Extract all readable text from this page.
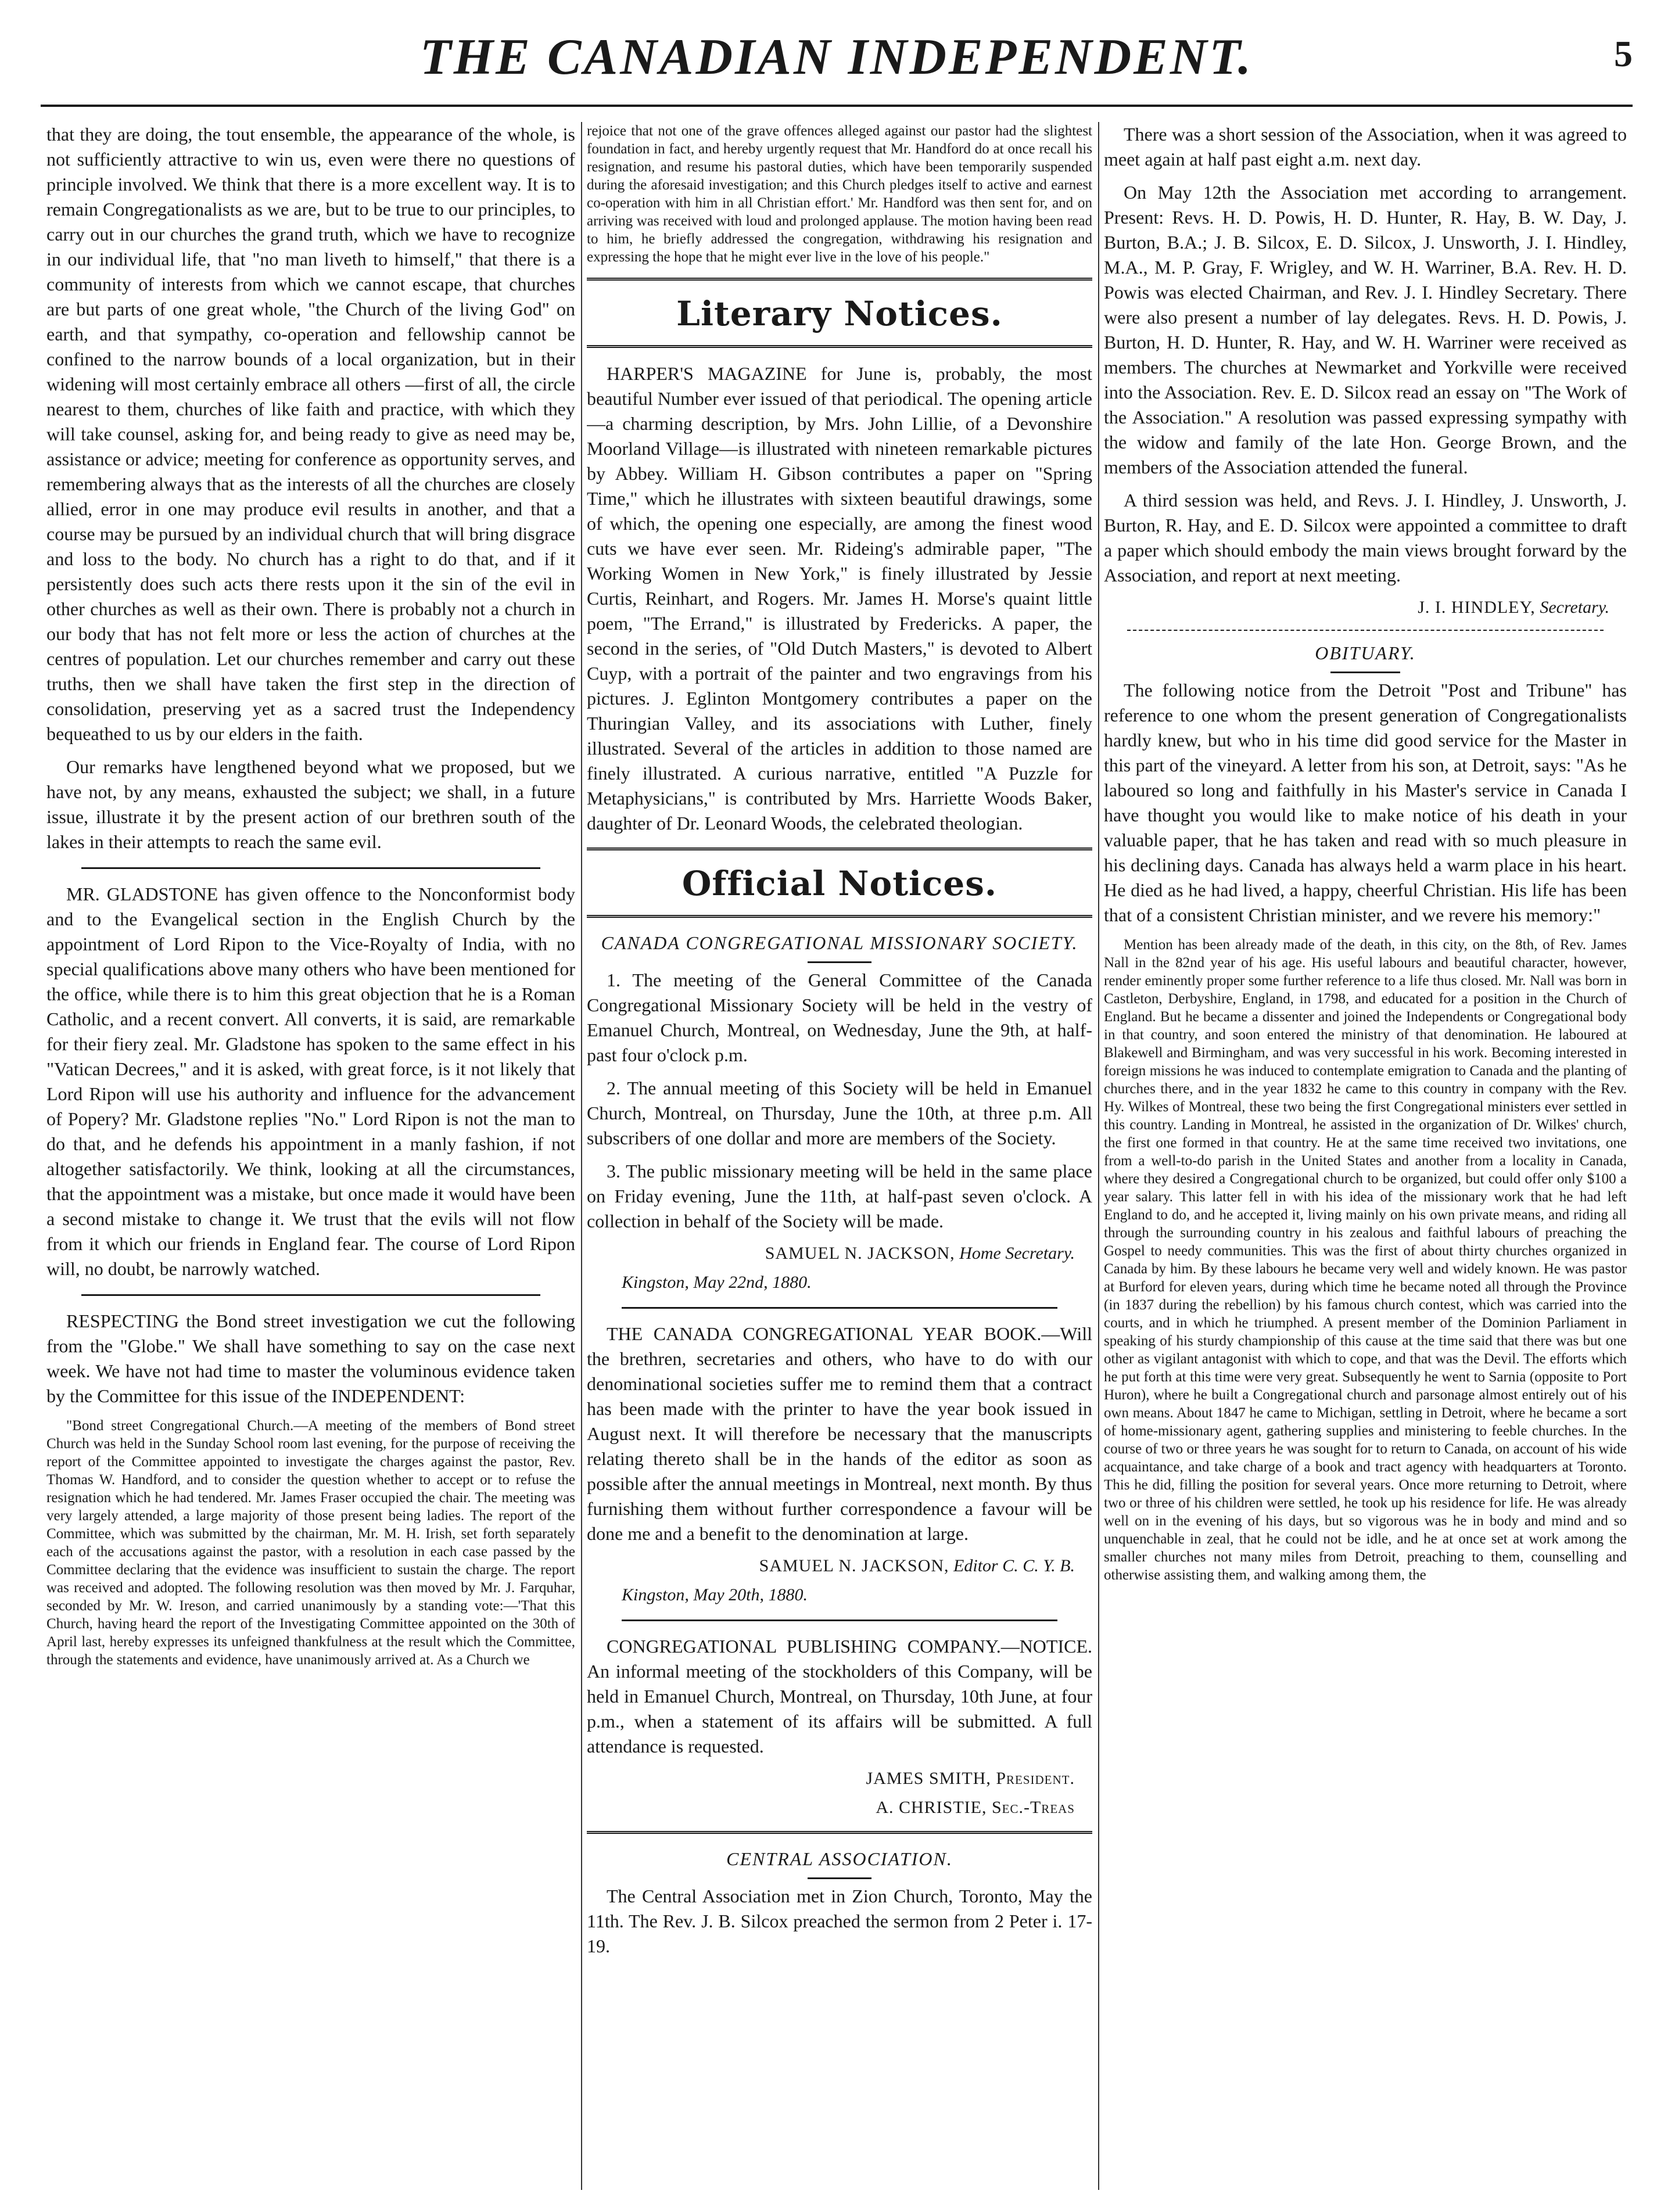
THE CANADIAN INDEPENDENT.	5

that they are doing, the tout ensemble, the appearance of the whole, is not sufficiently attractive to win us, even were there no questions of principle involved. We think that there is a more excellent way. It is to remain Congregationalists as we are, but to be true to our principles, to carry out in our churches the grand truth, which we have to recognize in our individual life, that "no man liveth to himself," that there is a community of interests from which we cannot escape, that churches are but parts of one great whole, "the Church of the living God" on earth, and that sympathy, co-operation and fellowship cannot be confined to the narrow bounds of a local organization, but in their widening will most certainly embrace all others —first of all, the circle nearest to them, churches of like faith and practice, with which they will take counsel, asking for, and being ready to give as need may be, assistance or advice; meeting for conference as opportunity serves, and remembering always that as the interests of all the churches are closely allied, error in one may produce evil results in another, and that a course may be pursued by an individual church that will bring disgrace and loss to the body. No church has a right to do that, and if it persistently does such acts there rests upon it the sin of the evil in other churches as well as their own. There is probably not a church in our body that has not felt more or less the action of churches at the centres of population. Let our churches remember and carry out these truths, then we shall have taken the first step in the direction of consolidation, preserving yet as a sacred trust the Independency bequeathed to us by our elders in the faith.

Our remarks have lengthened beyond what we proposed, but we have not, by any means, exhausted the subject; we shall, in a future issue, illustrate it by the present action of our brethren south of the lakes in their attempts to reach the same evil.

MR. GLADSTONE has given offence to the Nonconformist body and to the Evangelical section in the English Church by the appointment of Lord Ripon to the Vice-Royalty of India, with no special qualifications above many others who have been mentioned for the office, while there is to him this great objection that he is a Roman Catholic, and a recent convert. All converts, it is said, are remarkable for their fiery zeal. Mr. Gladstone has spoken to the same effect in his "Vatican Decrees," and it is asked, with great force, is it not likely that Lord Ripon will use his authority and influence for the advancement of Popery? Mr. Gladstone replies "No." Lord Ripon is not the man to do that, and he defends his appointment in a manly fashion, if not altogether satisfactorily. We think, looking at all the circumstances, that the appointment was a mistake, but once made it would have been a second mistake to change it. We trust that the evils will not flow from it which our friends in England fear. The course of Lord Ripon will, no doubt, be narrowly watched.

RESPECTING the Bond street investigation we cut the following from the "Globe." We shall have something to say on the case next week. We have not had time to master the voluminous evidence taken by the Committee for this issue of the INDEPENDENT:

"Bond street Congregational Church.—A meeting of the members of Bond street Church was held in the Sunday School room last evening, for the purpose of receiving the report of the Committee appointed to investigate the charges against the pastor, Rev. Thomas W. Handford, and to consider the question whether to accept or to refuse the resignation which he had tendered. Mr. James Fraser occupied the chair. The meeting was very largely attended, a large majority of those present being ladies. The report of the Committee, which was submitted by the chairman, Mr. M. H. Irish, set forth separately each of the accusations against the pastor, with a resolution in each case passed by the Committee declaring that the evidence was insufficient to sustain the charge. The report was received and adopted. The following resolution was then moved by Mr. J. Farquhar, seconded by Mr. W. Ireson, and carried unanimously by a standing vote:—'That this Church, having heard the report of the Investigating Committee appointed on the 30th of April last, hereby expresses its unfeigned thankfulness at the result which the Committee, through the statements and evidence, have unanimously arrived at. As a Church we

rejoice that not one of the grave offences alleged against our pastor had the slightest foundation in fact, and hereby urgently request that Mr. Handford do at once recall his resignation, and resume his pastoral duties, which have been temporarily suspended during the aforesaid investigation; and this Church pledges itself to active and earnest co-operation with him in all Christian effort.' Mr. Handford was then sent for, and on arriving was received with loud and prolonged applause. The motion having been read to him, he briefly addressed the congregation, withdrawing his resignation and expressing the hope that he might ever live in the love of his people."

Literary Notices.

HARPER'S MAGAZINE for June is, probably, the most beautiful Number ever issued of that periodical. The opening article—a charming description, by Mrs. John Lillie, of a Devonshire Moorland Village—is illustrated with nineteen remarkable pictures by Abbey. William H. Gibson contributes a paper on "Spring Time," which he illustrates with sixteen beautiful drawings, some of which, the opening one especially, are among the finest wood cuts we have ever seen. Mr. Rideing's admirable paper, "The Working Women in New York," is finely illustrated by Jessie Curtis, Reinhart, and Rogers. Mr. James H. Morse's quaint little poem, "The Errand," is illustrated by Fredericks. A paper, the second in the series, of "Old Dutch Masters," is devoted to Albert Cuyp, with a portrait of the painter and two engravings from his pictures. J. Eglinton Montgomery contributes a paper on the Thuringian Valley, and its associations with Luther, finely illustrated. Several of the articles in addition to those named are finely illustrated. A curious narrative, entitled "A Puzzle for Metaphysicians," is contributed by Mrs. Harriette Woods Baker, daughter of Dr. Leonard Woods, the celebrated theologian.

Official Notices.
CANADA CONGREGATIONAL MISSIONARY SOCIETY.

1. The meeting of the General Committee of the Canada Congregational Missionary Society will be held in the vestry of Emanuel Church, Montreal, on Wednesday, June the 9th, at half-past four o'clock p.m.

2. The annual meeting of this Society will be held in Emanuel Church, Montreal, on Thursday, June the 10th, at three p.m. All subscribers of one dollar and more are members of the Society.

3. The public missionary meeting will be held in the same place on Friday evening, June the 11th, at half-past seven o'clock. A collection in behalf of the Society will be made.

SAMUEL N. JACKSON, Home Secretary.
Kingston, May 22nd, 1880.

THE CANADA CONGREGATIONAL YEAR BOOK.—Will the brethren, secretaries and others, who have to do with our denominational societies suffer me to remind them that a contract has been made with the printer to have the year book issued in August next. It will therefore be necessary that the manuscripts relating thereto shall be in the hands of the editor as soon as possible after the annual meetings in Montreal, next month. By thus furnishing them without further correspondence a favour will be done me and a benefit to the denomination at large.

SAMUEL N. JACKSON, Editor C. C. Y. B.
Kingston, May 20th, 1880.

CONGREGATIONAL PUBLISHING COMPANY.—NOTICE. An informal meeting of the stockholders of this Company, will be held in Emanuel Church, Montreal, on Thursday, 10th June, at four p.m., when a statement of its affairs will be submitted. A full attendance is requested.

JAMES SMITH, President.
A. CHRISTIE, Sec.-Treas
CENTRAL ASSOCIATION.

The Central Association met in Zion Church, Toronto, May the 11th. The Rev. J. B. Silcox preached the sermon from 2 Peter i. 17-19.

There was a short session of the Association, when it was agreed to meet again at half past eight a.m. next day.

On May 12th the Association met according to arrangement. Present: Revs. H. D. Powis, H. D. Hunter, R. Hay, B. W. Day, J. Burton, B.A.; J. B. Silcox, E. D. Silcox, J. Unsworth, J. I. Hindley, M.A., M. P. Gray, F. Wrigley, and W. H. Warriner, B.A. Rev. H. D. Powis was elected Chairman, and Rev. J. I. Hindley Secretary. There were also present a number of lay delegates. Revs. H. D. Powis, J. Burton, H. D. Hunter, R. Hay, and W. H. Warriner were received as members. The churches at Newmarket and Yorkville were received into the Association. Rev. E. D. Silcox read an essay on "The Work of the Association." A resolution was passed expressing sympathy with the widow and family of the late Hon. George Brown, and the members of the Association attended the funeral.

A third session was held, and Revs. J. I. Hindley, J. Unsworth, J. Burton, R. Hay, and E. D. Silcox were appointed a committee to draft a paper which should embody the main views brought forward by the Association, and report at next meeting.

J. I. HINDLEY, Secretary.
OBITUARY.

The following notice from the Detroit "Post and Tribune" has reference to one whom the present generation of Congregationalists hardly knew, but who in his time did good service for the Master in this part of the vineyard. A letter from his son, at Detroit, says: "As he laboured so long and faithfully in his Master's service in Canada I have thought you would like to make notice of his death in your valuable paper, that he has taken and read with so much pleasure in his declining days. Canada has always held a warm place in his heart. He died as he had lived, a happy, cheerful Christian. His life has been that of a consistent Christian minister, and we revere his memory:"

Mention has been already made of the death, in this city, on the 8th, of Rev. James Nall in the 82nd year of his age. His useful labours and beautiful character, however, render eminently proper some further reference to a life thus closed. Mr. Nall was born in Castleton, Derbyshire, England, in 1798, and educated for a position in the Church of England. But he became a dissenter and joined the Independents or Congregational body in that country, and soon entered the ministry of that denomination. He laboured at Blakewell and Birmingham, and was very successful in his work. Becoming interested in foreign missions he was induced to contemplate emigration to Canada and the planting of churches there, and in the year 1832 he came to this country in company with the Rev. Hy. Wilkes of Montreal, these two being the first Congregational ministers ever settled in this country. Landing in Montreal, he assisted in the organization of Dr. Wilkes' church, the first one formed in that country. He at the same time received two invitations, one from a well-to-do parish in the United States and another from a locality in Canada, where they desired a Congregational church to be organized, but could offer only $100 a year salary. This latter fell in with his idea of the missionary work that he had left England to do, and he accepted it, living mainly on his own private means, and riding all through the surrounding country in his zealous and faithful labours of preaching the Gospel to needy communities. This was the first of about thirty churches organized in Canada by him. By these labours he became very well and widely known. He was pastor at Burford for eleven years, during which time he became noted all through the Province (in 1837 during the rebellion) by his famous church contest, which was carried into the courts, and in which he triumphed. A present member of the Dominion Parliament in speaking of his sturdy championship of this cause at the time said that there was but one other as vigilant antagonist with which to cope, and that was the Devil. The efforts which he put forth at this time were very great. Subsequently he went to Sarnia (opposite to Port Huron), where he built a Congregational church and parsonage almost entirely out of his own means. About 1847 he came to Michigan, settling in Detroit, where he became a sort of home-missionary agent, gathering supplies and ministering to feeble churches. In the course of two or three years he was sought for to return to Canada, on account of his wide acquaintance, and take charge of a book and tract agency with headquarters at Toronto. This he did, filling the position for several years. Once more returning to Detroit, where two or three of his children were settled, he took up his residence for life. He was already well on in the evening of his days, but so vigorous was he in body and mind and so unquenchable in zeal, that he could not be idle, and he at once set at work among the smaller churches not many miles from Detroit, preaching to them, counselling and otherwise assisting them, and walking among them, the
